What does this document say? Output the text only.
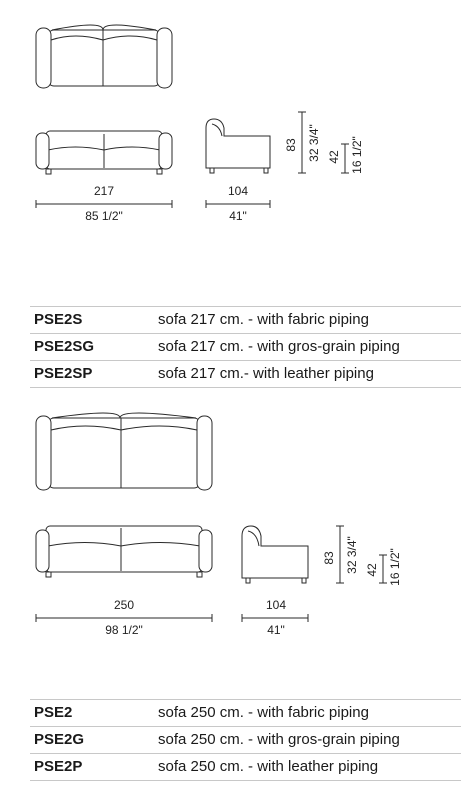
217
85 1/2"
104
41"
83 32 3/4" 42 16 1/2"
PSE2S	sofa 217 cm. - with fabric piping
PSE2SG	sofa 217 cm. - with gros-grain piping
PSE2SP	sofa 217 cm.- with leather piping
250
98 1/2"
104
41"
83 32 3/4" 42 16 1/2"
PSE2	sofa 250 cm. - with fabric piping
PSE2G	sofa 250 cm. - with gros-grain piping
PSE2P	sofa 250 cm. - with leather piping
